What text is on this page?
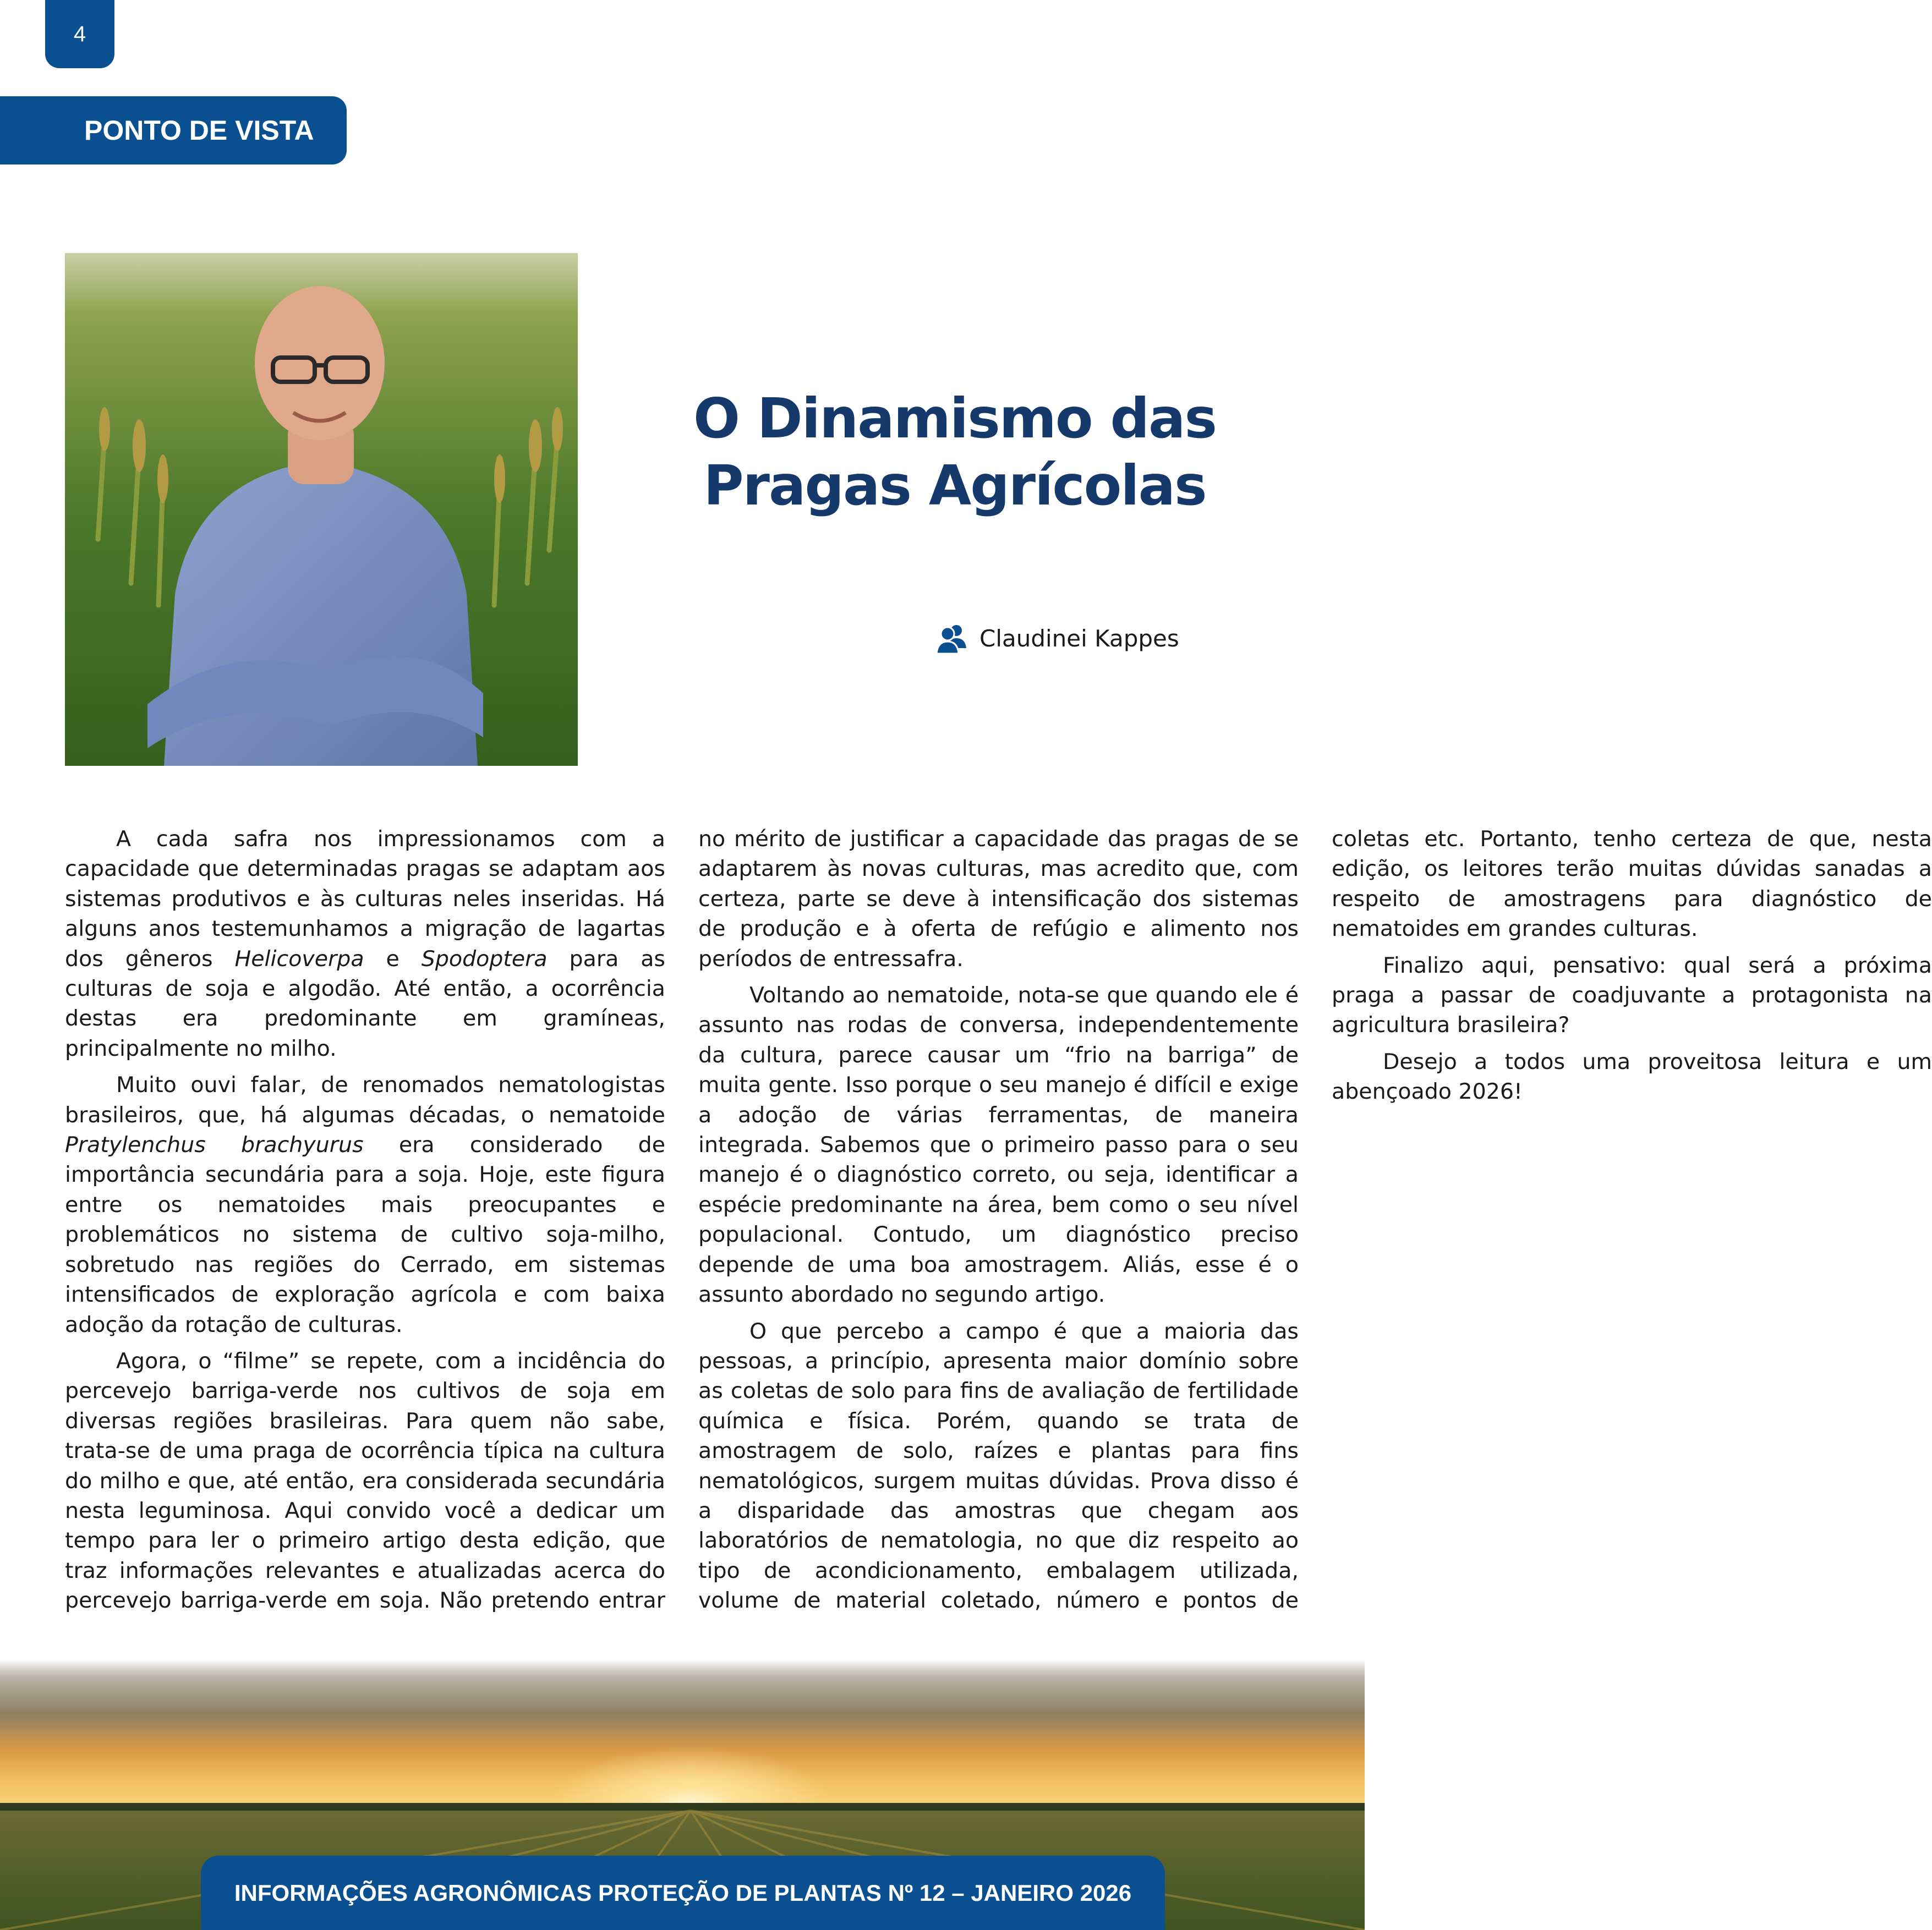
4
PONTO DE VISTA
O Dinamismo das
Pragas Agrícolas
Claudinei Kappes

A cada safra nos impressionamos com a capacidade que determinadas pragas se adaptam aos sistemas produtivos e às culturas neles inseridas. Há alguns anos testemunhamos a migração de lagartas dos gêneros Helicoverpa e Spodoptera para as culturas de soja e algodão. Até então, a ocorrência destas era predominante em gramíneas, principalmente no milho.

Muito ouvi falar, de renomados nematologistas brasileiros, que, há algumas décadas, o nematoide Pratylenchus brachyurus era considerado de importância secundária para a soja. Hoje, este figura entre os nematoides mais preocupantes e problemáticos no sistema de cultivo soja-milho, sobretudo nas regiões do Cerrado, em sistemas intensificados de exploração agrícola e com baixa adoção da rotação de culturas.

Agora, o “filme” se repete, com a incidência do percevejo barriga-verde nos cultivos de soja em diversas regiões brasileiras. Para quem não sabe, trata-se de uma praga de ocorrência típica na cultura do milho e que, até então, era considerada secundária nesta leguminosa. Aqui convido você a dedicar um tempo para ler o primeiro artigo desta edição, que traz informações relevantes e atualizadas acerca do percevejo barriga-verde em soja. Não pretendo entrar no mérito de justificar a capacidade das pragas de se adaptarem às novas culturas, mas acredito que, com certeza, parte se deve à intensificação dos sistemas de produção e à oferta de refúgio e alimento nos períodos de entressafra.

Voltando ao nematoide, nota-se que quando ele é assunto nas rodas de conversa, independentemente da cultura, parece causar um “frio na barriga” de muita gente. Isso porque o seu manejo é difícil e exige a adoção de várias ferramentas, de maneira integrada. Sabemos que o primeiro passo para o seu manejo é o diagnóstico correto, ou seja, identificar a espécie predominante na área, bem como o seu nível populacional. Contudo, um diagnóstico preciso depende de uma boa amostragem. Aliás, esse é o assunto abordado no segundo artigo.

O que percebo a campo é que a maioria das pessoas, a princípio, apresenta maior domínio sobre as coletas de solo para fins de avaliação de fertilidade química e física. Porém, quando se trata de amostragem de solo, raízes e plantas para fins nematológicos, surgem muitas dúvidas. Prova disso é a disparidade das amostras que chegam aos laboratórios de nematologia, no que diz respeito ao tipo de acondicionamento, embalagem utilizada, volume de material coletado, número e pontos de coletas etc. Portanto, tenho certeza de que, nesta edição, os leitores terão muitas dúvidas sanadas a respeito de amostragens para diagnóstico de nematoides em grandes culturas.

Finalizo aqui, pensativo: qual será a próxima praga a passar de coadjuvante a protagonista na agricultura brasileira?

Desejo a todos uma proveitosa leitura e um abençoado 2026!

INFORMAÇÕES AGRONÔMICAS PROTEÇÃO DE PLANTAS Nº 12 – JANEIRO 2026
